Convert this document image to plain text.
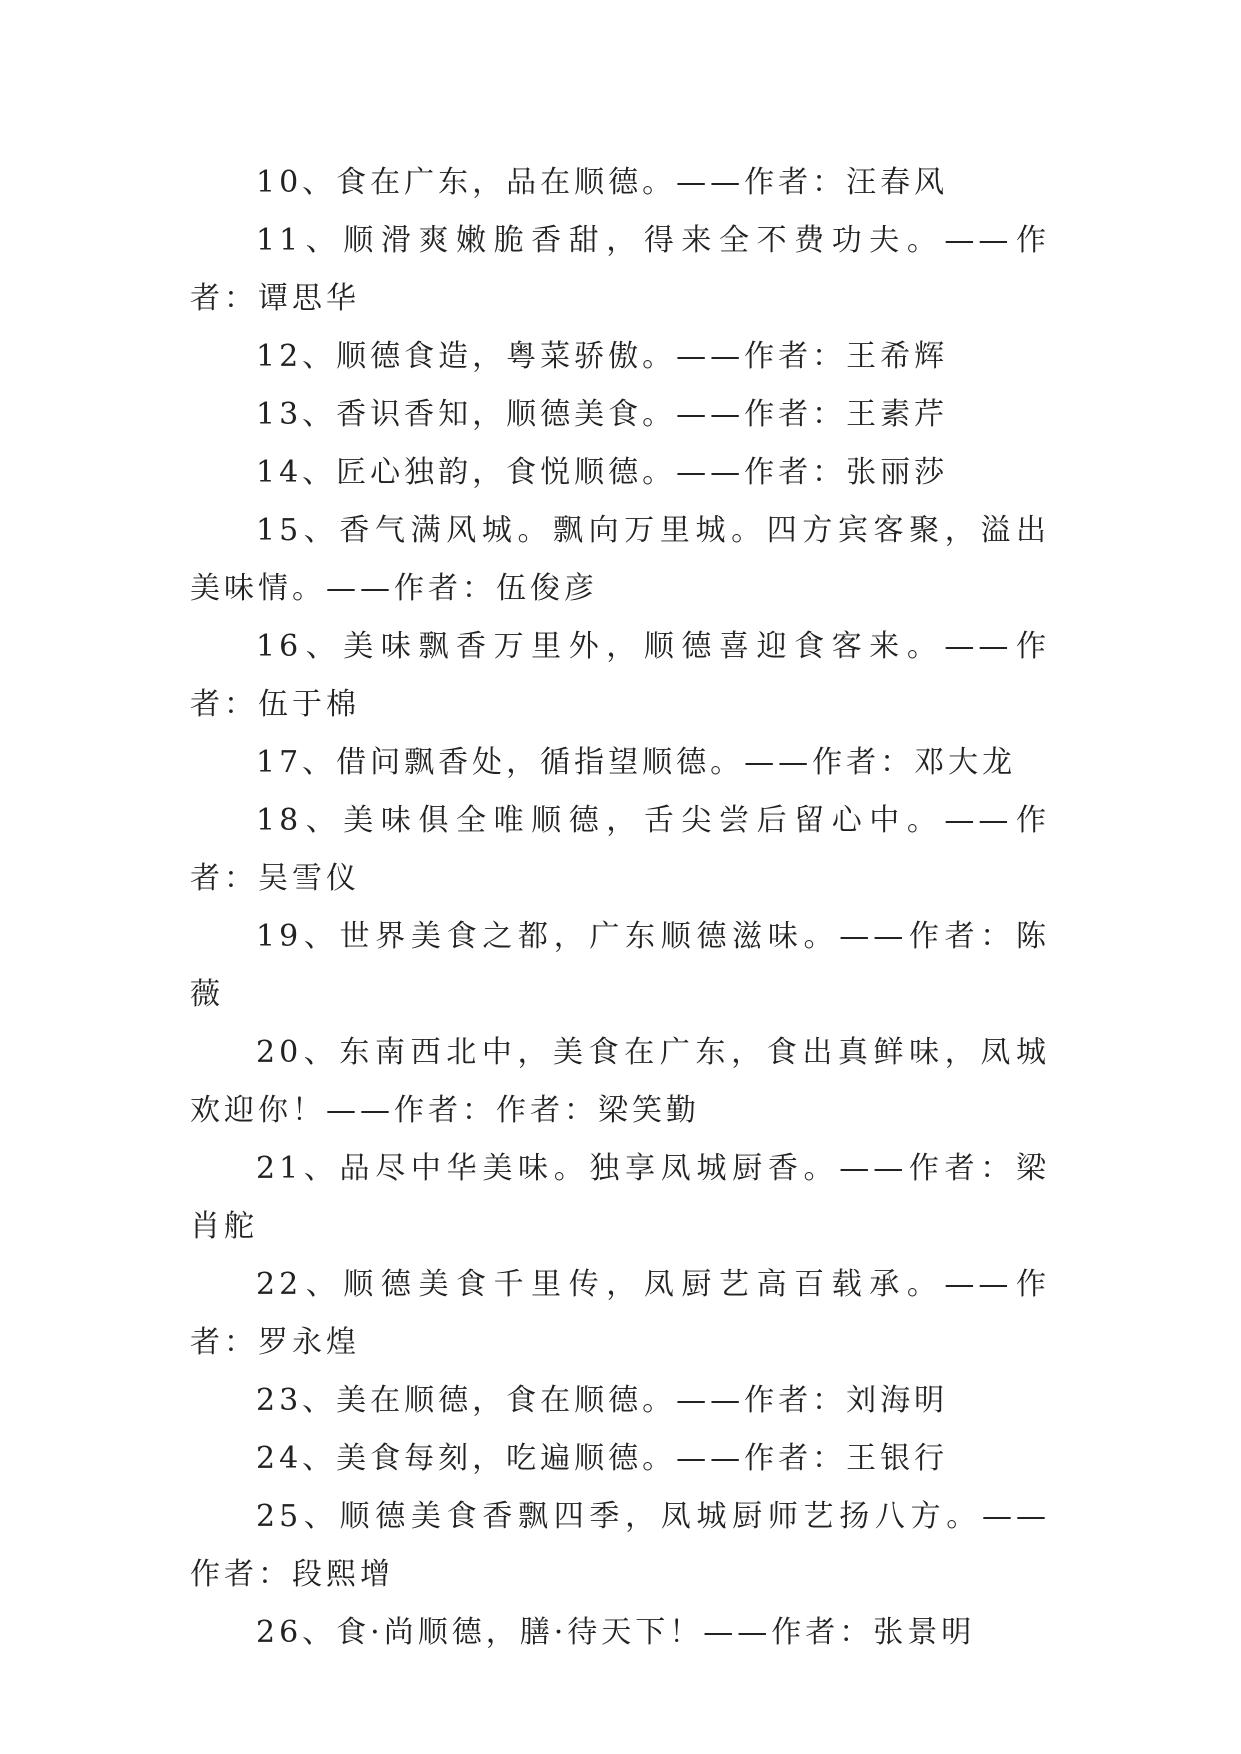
10、食在广东，品在顺德。——作者：汪春风

11、顺滑爽嫩脆香甜，得来全不费功夫。——作者：谭思华

12、顺德食造，粤菜骄傲。——作者：王希辉

13、香识香知，顺德美食。——作者：王素芹

14、匠心独韵，食悦顺德。——作者：张丽莎

15、香气满风城。飘向万里城。四方宾客聚，溢出美味情。——作者：伍俊彦

16、美味飘香万里外，顺德喜迎食客来。——作者：伍于棉

17、借问飘香处，循指望顺德。——作者：邓大龙

18、美味俱全唯顺德，舌尖尝后留心中。——作者：吴雪仪

19、世界美食之都，广东顺德滋味。——作者：陈薇

20、东南西北中，美食在广东，食出真鲜味，凤城欢迎你！——作者：作者：梁笑勤

21、品尽中华美味。独享凤城厨香。——作者：梁肖舵

22、顺德美食千里传，凤厨艺高百载承。——作者：罗永煌

23、美在顺德，食在顺德。——作者：刘海明

24、美食每刻，吃遍顺德。——作者：王银行

25、顺德美食香飘四季，凤城厨师艺扬八方。——作者：段熙增

26、食·尚顺德，膳·待天下！——作者：张景明
